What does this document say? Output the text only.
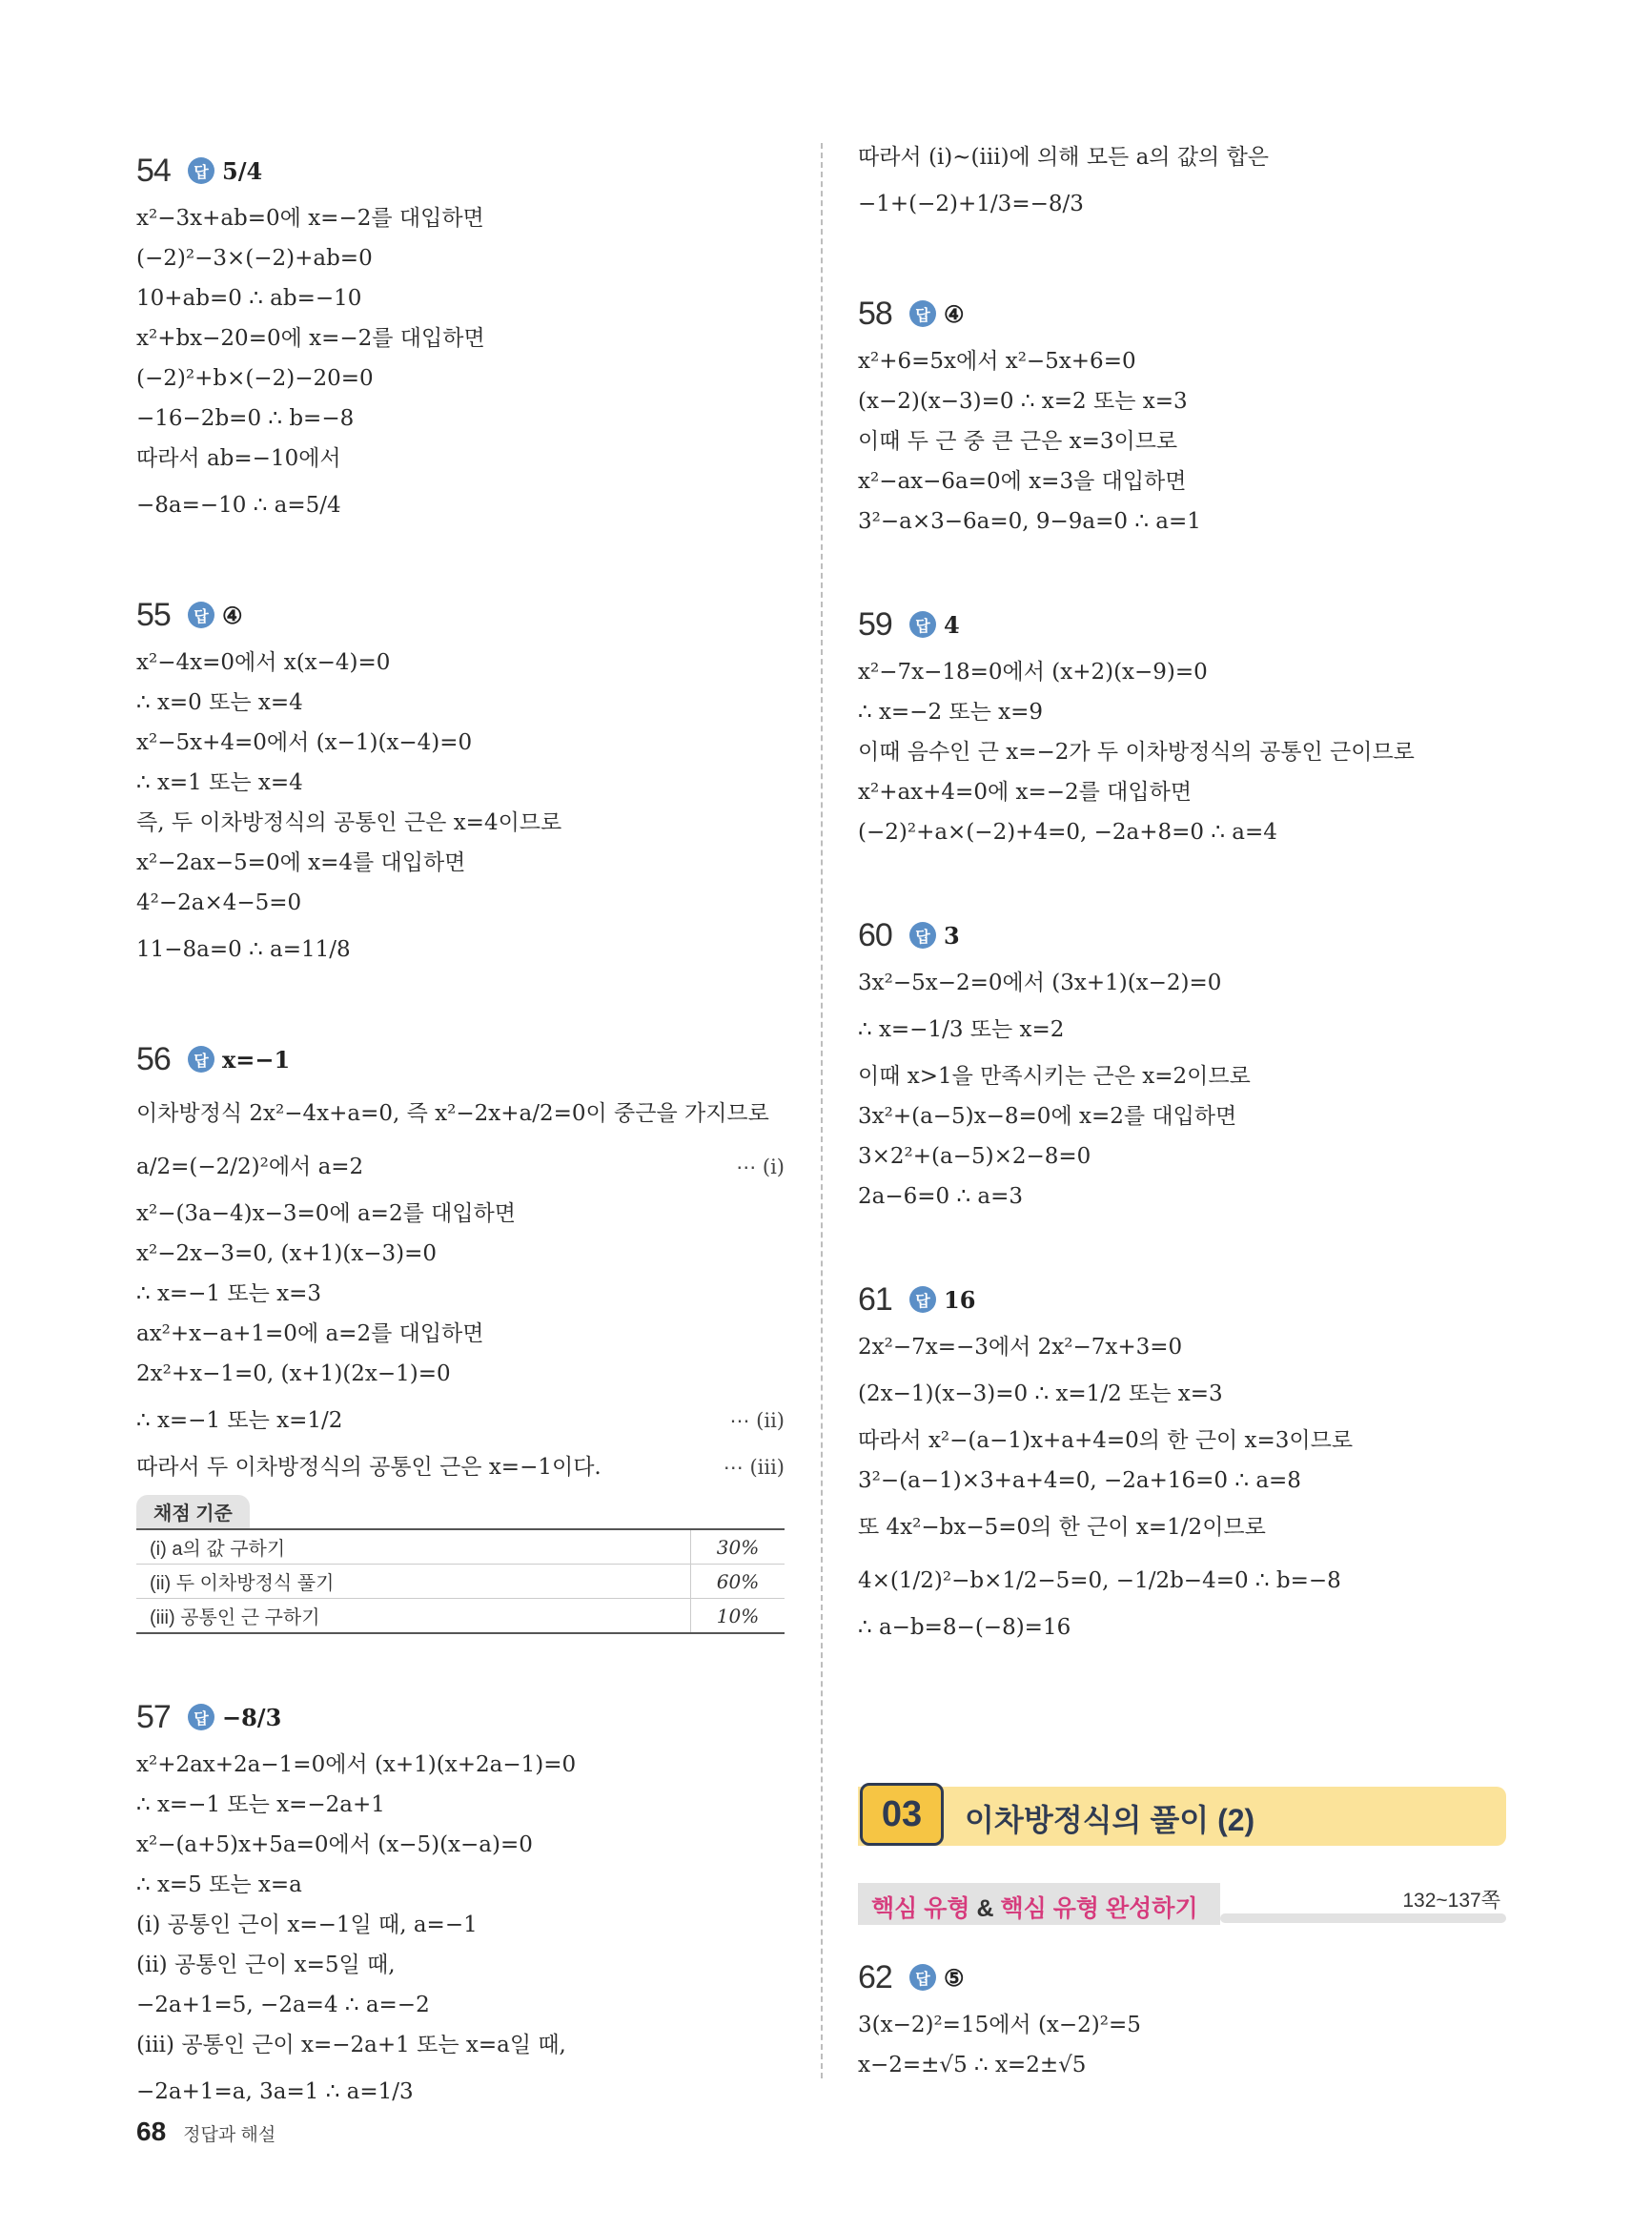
54	답 5/4
x²−3x+ab=0에 x=−2를 대입하면
(−2)²−3×(−2)+ab=0
10+ab=0 ∴ ab=−10
x²+bx−20=0에 x=−2를 대입하면
(−2)²+b×(−2)−20=0
−16−2b=0 ∴ b=−8
따라서 ab=−10에서
−8a=−10 ∴ a=5/4
55	답 ④
x²−4x=0에서 x(x−4)=0
∴ x=0 또는 x=4
x²−5x+4=0에서 (x−1)(x−4)=0
∴ x=1 또는 x=4
즉, 두 이차방정식의 공통인 근은 x=4이므로
x²−2ax−5=0에 x=4를 대입하면
4²−2a×4−5=0
11−8a=0 ∴ a=11/8
56	답 x=−1
이차방정식 2x²−4x+a=0, 즉 x²−2x+a/2=0이 중근을 가지므로
a/2=(−2/2)²에서 a=2	⋯ (i)
x²−(3a−4)x−3=0에 a=2를 대입하면
x²−2x−3=0, (x+1)(x−3)=0
∴ x=−1 또는 x=3
ax²+x−a+1=0에 a=2를 대입하면
2x²+x−1=0, (x+1)(2x−1)=0
∴ x=−1 또는 x=1/2	⋯ (ii)
따라서 두 이차방정식의 공통인 근은 x=−1이다.	⋯ (iii)
채점 기준
(i) a의 값 구하기	30%
(ii) 두 이차방정식 풀기	60%
(iii) 공통인 근 구하기	10%
57	답 −8/3
x²+2ax+2a−1=0에서 (x+1)(x+2a−1)=0
∴ x=−1 또는 x=−2a+1
x²−(a+5)x+5a=0에서 (x−5)(x−a)=0
∴ x=5 또는 x=a
(i) 공통인 근이 x=−1일 때, a=−1
(ii) 공통인 근이 x=5일 때,
−2a+1=5, −2a=4 ∴ a=−2
(iii) 공통인 근이 x=−2a+1 또는 x=a일 때,
−2a+1=a, 3a=1 ∴ a=1/3
따라서 (i)~(iii)에 의해 모든 a의 값의 합은
−1+(−2)+1/3=−8/3
58	답 ④
x²+6=5x에서 x²−5x+6=0
(x−2)(x−3)=0 ∴ x=2 또는 x=3
이때 두 근 중 큰 근은 x=3이므로
x²−ax−6a=0에 x=3을 대입하면
3²−a×3−6a=0, 9−9a=0 ∴ a=1
59	답 4
x²−7x−18=0에서 (x+2)(x−9)=0
∴ x=−2 또는 x=9
이때 음수인 근 x=−2가 두 이차방정식의 공통인 근이므로
x²+ax+4=0에 x=−2를 대입하면
(−2)²+a×(−2)+4=0, −2a+8=0 ∴ a=4
60	답 3
3x²−5x−2=0에서 (3x+1)(x−2)=0
∴ x=−1/3 또는 x=2
이때 x>1을 만족시키는 근은 x=2이므로
3x²+(a−5)x−8=0에 x=2를 대입하면
3×2²+(a−5)×2−8=0
2a−6=0 ∴ a=3
61	답 16
2x²−7x=−3에서 2x²−7x+3=0
(2x−1)(x−3)=0 ∴ x=1/2 또는 x=3
따라서 x²−(a−1)x+a+4=0의 한 근이 x=3이므로
3²−(a−1)×3+a+4=0, −2a+16=0 ∴ a=8
또 4x²−bx−5=0의 한 근이 x=1/2이므로
4×(1/2)²−b×1/2−5=0, −1/2b−4=0 ∴ b=−8
∴ a−b=8−(−8)=16
03	이차방정식의 풀이 (2)
핵심 유형 & 핵심 유형 완성하기	132~137쪽
68 정답과 해설
62	답 ⑤
3(x−2)²=15에서 (x−2)²=5
x−2=±√5 ∴ x=2±√5
